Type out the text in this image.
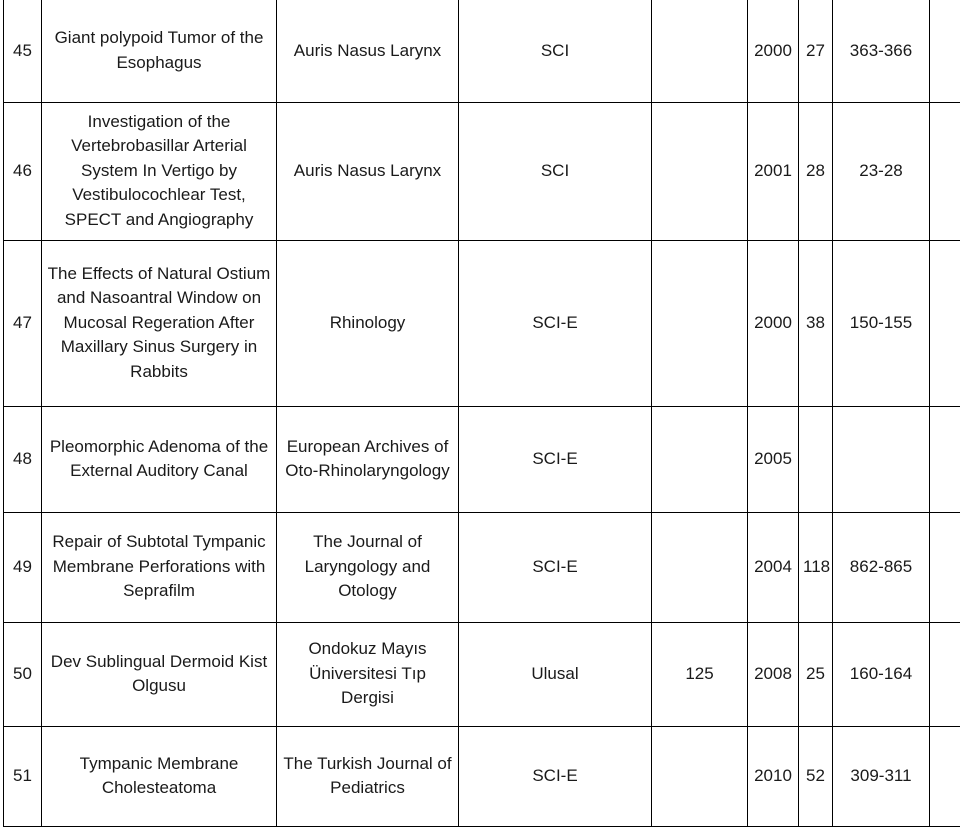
45	Giant polypoid Tumor of the Esophagus	Auris Nasus Larynx	SCI		2000	27	363-366	
46	Investigation of the Vertebrobasillar Arterial System In Vertigo by Vestibulocochlear Test, SPECT and Angiography	Auris Nasus Larynx	SCI		2001	28	23-28	
47	The Effects of Natural Ostium and Nasoantral Window on Mucosal Regeration After Maxillary Sinus Surgery in Rabbits	Rhinology	SCI-E		2000	38	150-155	
48	Pleomorphic Adenoma of the External Auditory Canal	European Archives of Oto-Rhinolaryngology	SCI-E		2005			
49	Repair of Subtotal Tympanic Membrane Perforations with Seprafilm	The Journal of Laryngology and Otology	SCI-E		2004	118	862-865	
50	Dev Sublingual Dermoid Kist Olgusu	Ondokuz Mayıs Üniversitesi Tıp Dergisi	Ulusal	125	2008	25	160-164	
51	Tympanic Membrane Cholesteatoma	The Turkish Journal of Pediatrics	SCI-E		2010	52	309-311	
